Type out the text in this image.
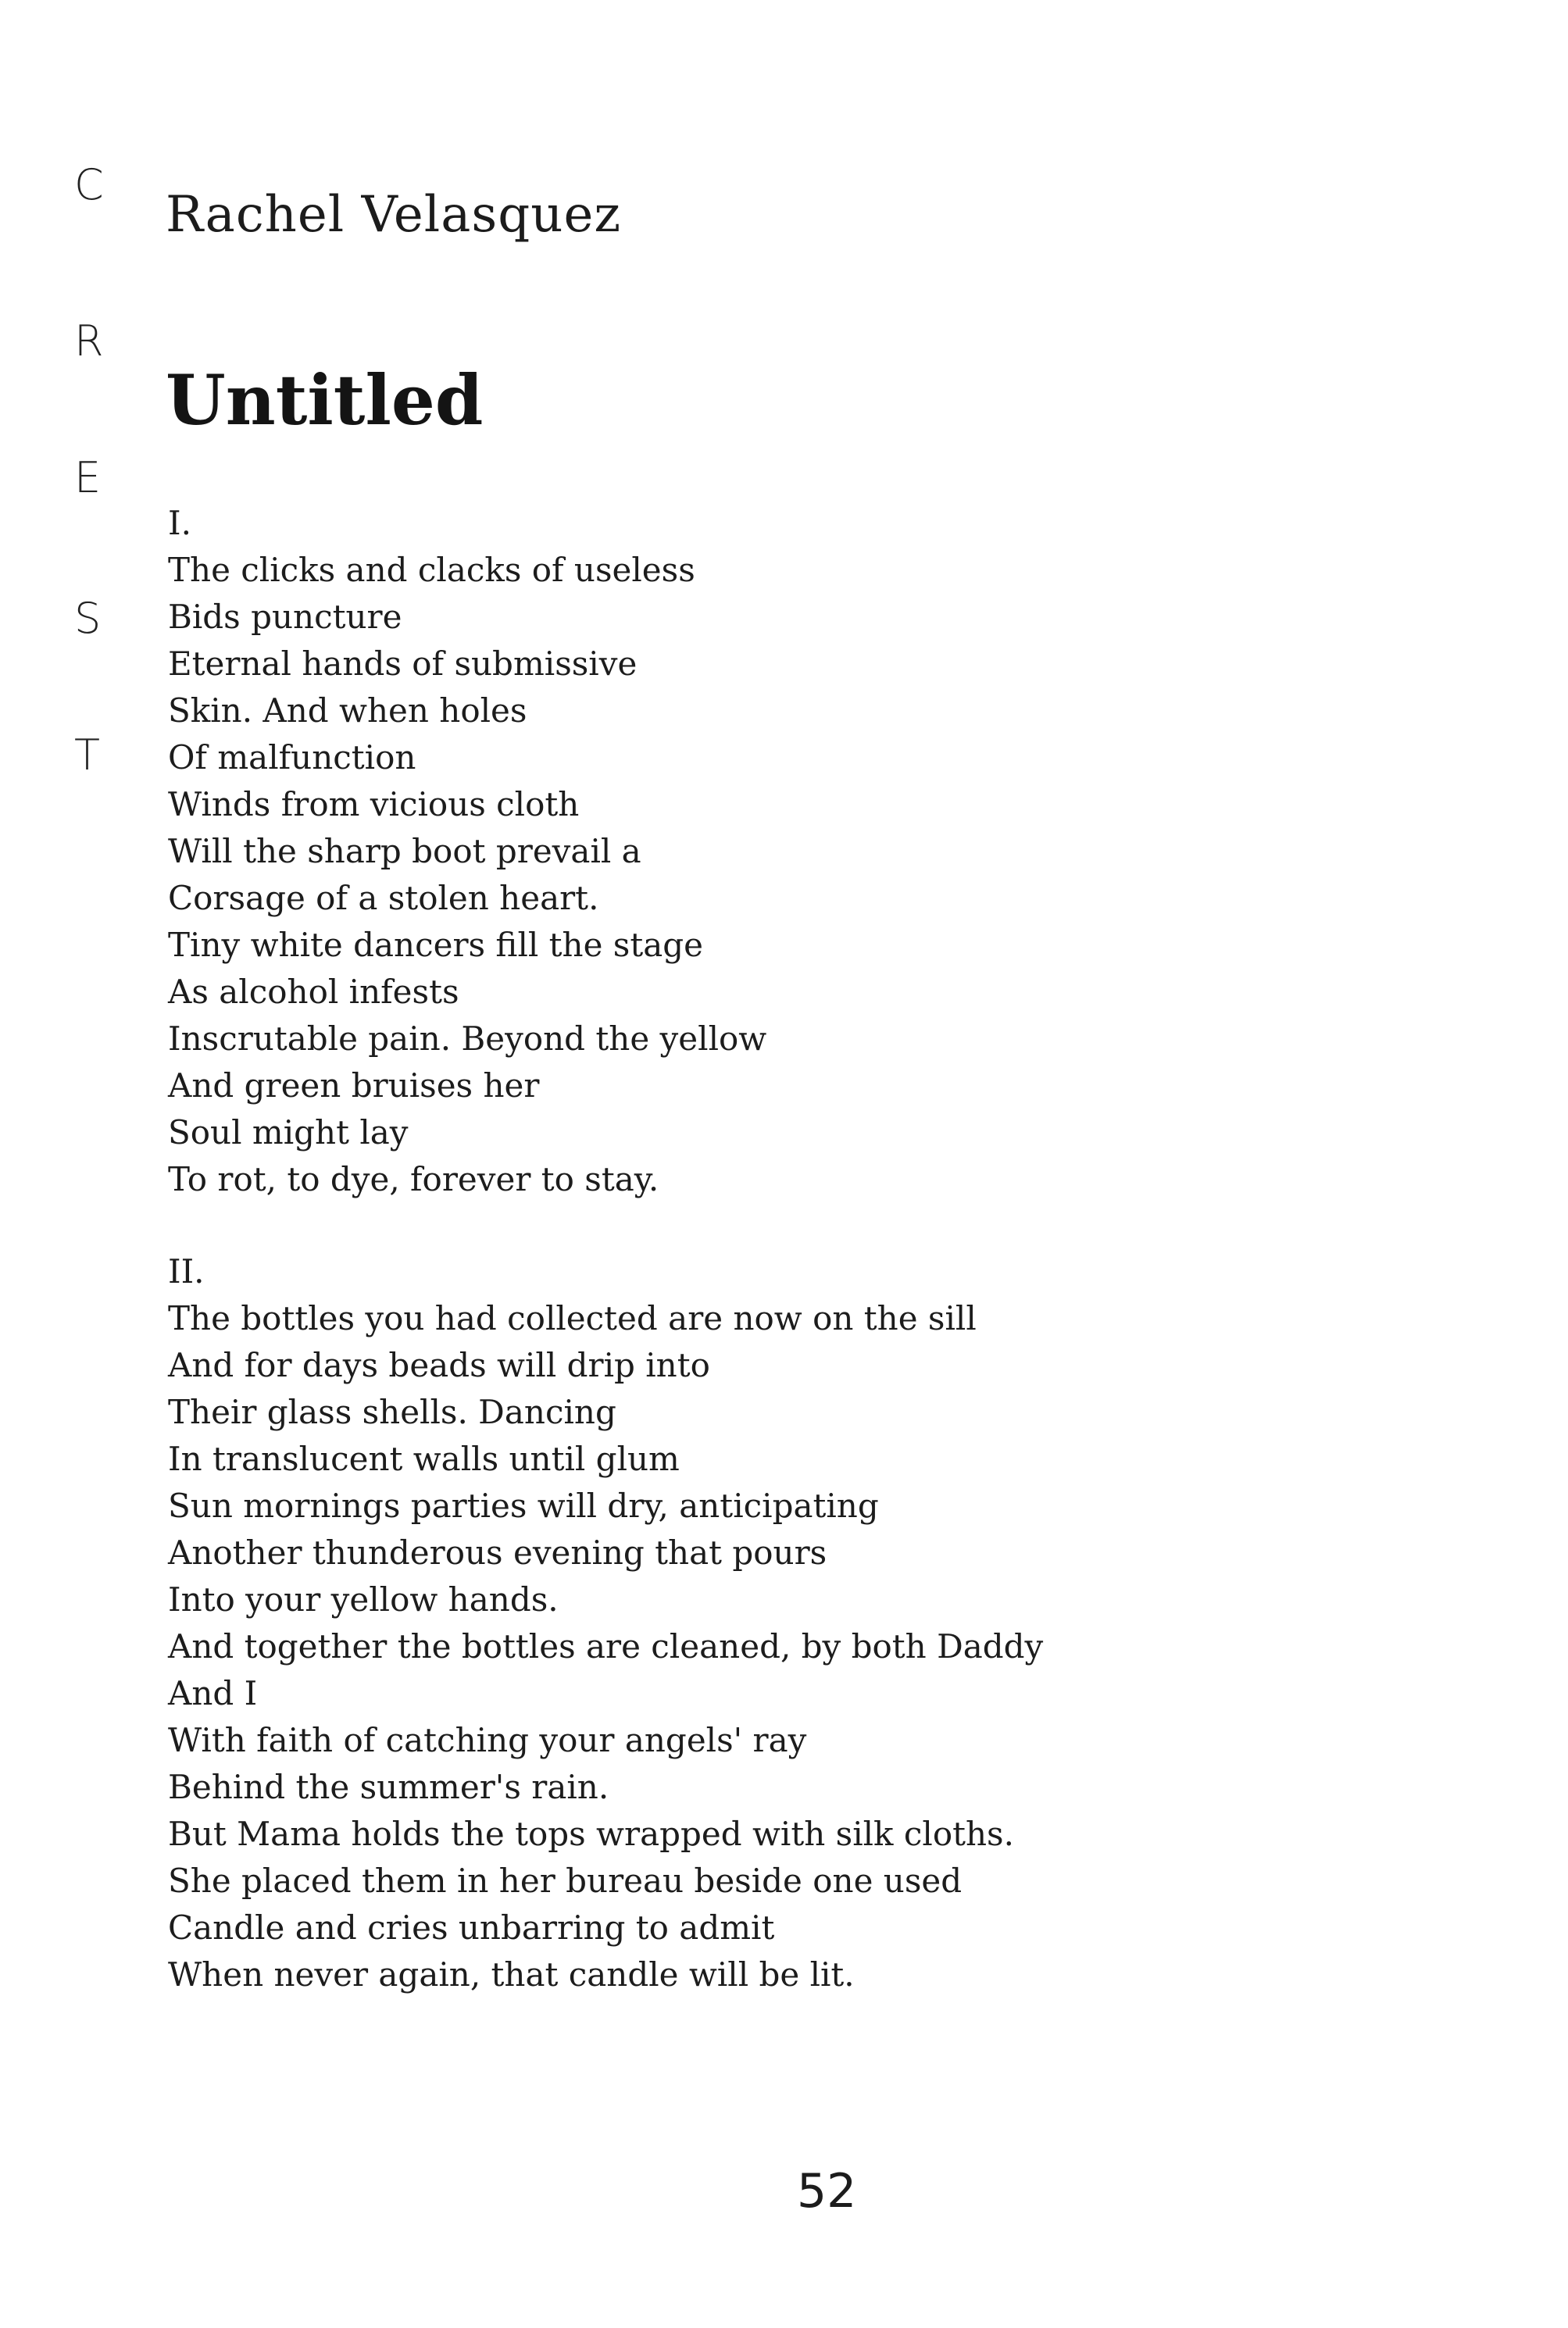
C
R
E
S
T
Rachel Velasquez
Untitled
I.
The clicks and clacks of useless
Bids puncture
Eternal hands of submissive
Skin. And when holes
Of malfunction
Winds from vicious cloth
Will the sharp boot prevail a
Corsage of a stolen heart.
Tiny white dancers fill the stage
As alcohol infests
Inscrutable pain. Beyond the yellow
And green bruises her
Soul might lay
To rot, to dye, forever to stay.
II.
The bottles you had collected are now on the sill
And for days beads will drip into
Their glass shells. Dancing
In translucent walls until glum
Sun mornings parties will dry, anticipating
Another thunderous evening that pours
Into your yellow hands.
And together the bottles are cleaned, by both Daddy
And I
With faith of catching your angels' ray
Behind the summer's rain.
But Mama holds the tops wrapped with silk cloths.
She placed them in her bureau beside one used
Candle and cries unbarring to admit
When never again, that candle will be lit.
52
